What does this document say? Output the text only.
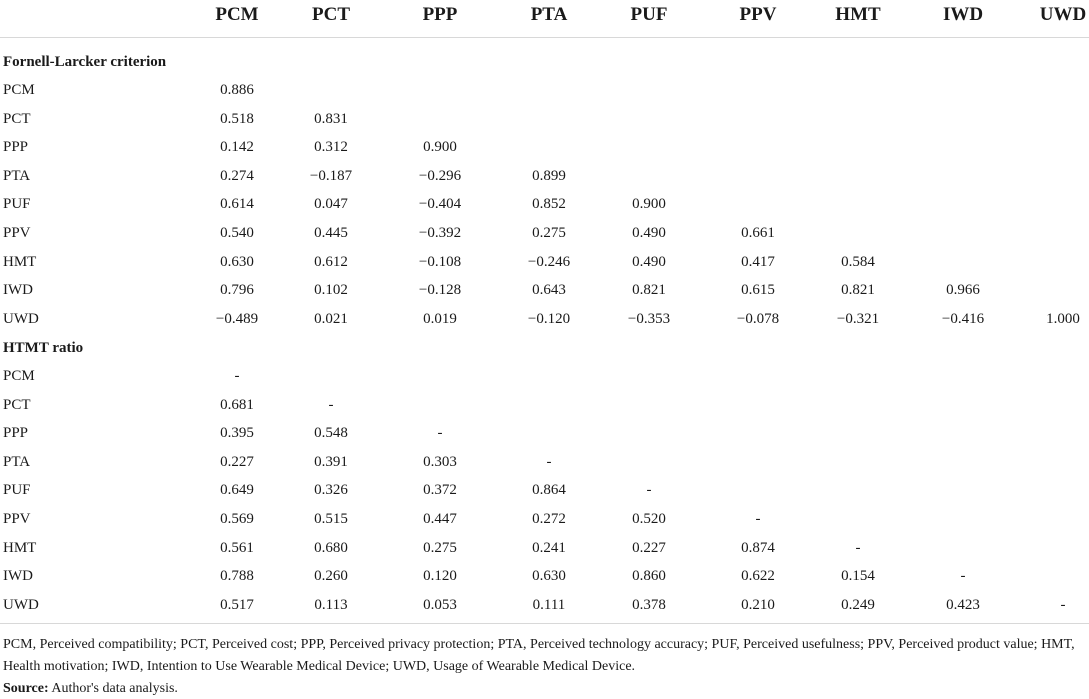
PCM	PCT	PPP	PTA	PUF	PPV	HMT	IWD	UWD
Fornell-Larcker criterion
PCM	0.886
PCT	0.518	0.831
PPP	0.142	0.312	0.900
PTA	0.274	−0.187	−0.296	0.899
PUF	0.614	0.047	−0.404	0.852	0.900
PPV	0.540	0.445	−0.392	0.275	0.490	0.661
HMT	0.630	0.612	−0.108	−0.246	0.490	0.417	0.584
IWD	0.796	0.102	−0.128	0.643	0.821	0.615	0.821	0.966
UWD	−0.489	0.021	0.019	−0.120	−0.353	−0.078	−0.321	−0.416	1.000
HTMT ratio
PCM	-
PCT	0.681	-
PPP	0.395	0.548	-
PTA	0.227	0.391	0.303	-
PUF	0.649	0.326	0.372	0.864	-
PPV	0.569	0.515	0.447	0.272	0.520	-
HMT	0.561	0.680	0.275	0.241	0.227	0.874	-
IWD	0.788	0.260	0.120	0.630	0.860	0.622	0.154	-
UWD	0.517	0.113	0.053	0.111	0.378	0.210	0.249	0.423	-
PCM, Perceived compatibility; PCT, Perceived cost; PPP, Perceived privacy protection; PTA, Perceived technology accuracy; PUF, Perceived usefulness; PPV, Perceived product value; HMT, Health motivation; IWD, Intention to Use Wearable Medical Device; UWD, Usage of Wearable Medical Device.
Source: Author's data analysis.
